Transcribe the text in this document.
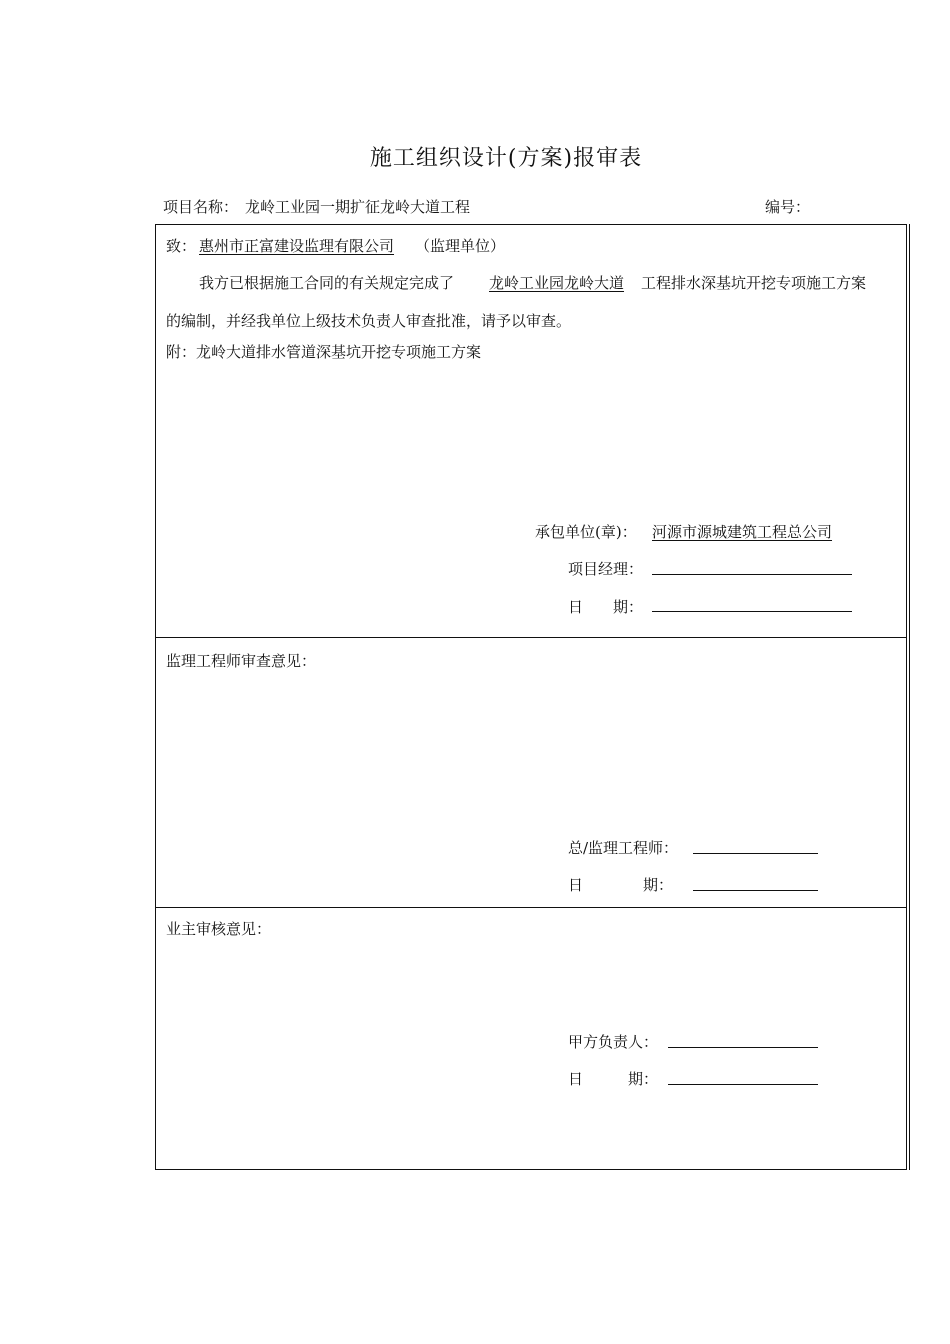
施工组织设计(方案)报审表
项目名称： 龙岭工业园一期扩征龙岭大道工程	编号：
致： 惠州市正富建设监理有限公司 （监理单位）
我方已根据施工合同的有关规定完成了 龙岭工业园龙岭大道 工程排水深基坑开挖专项施工方案
的编制，并经我单位上级技术负责人审查批准，请予以审查。
附：龙岭大道排水管道深基坑开挖专项施工方案
承包单位(章)： 河源市源城建筑工程总公司
项目经理：
日　　期：
监理工程师审查意见：
总/监理工程师：
日　　　　期：
业主审核意见：
甲方负责人：
日　　　期：
